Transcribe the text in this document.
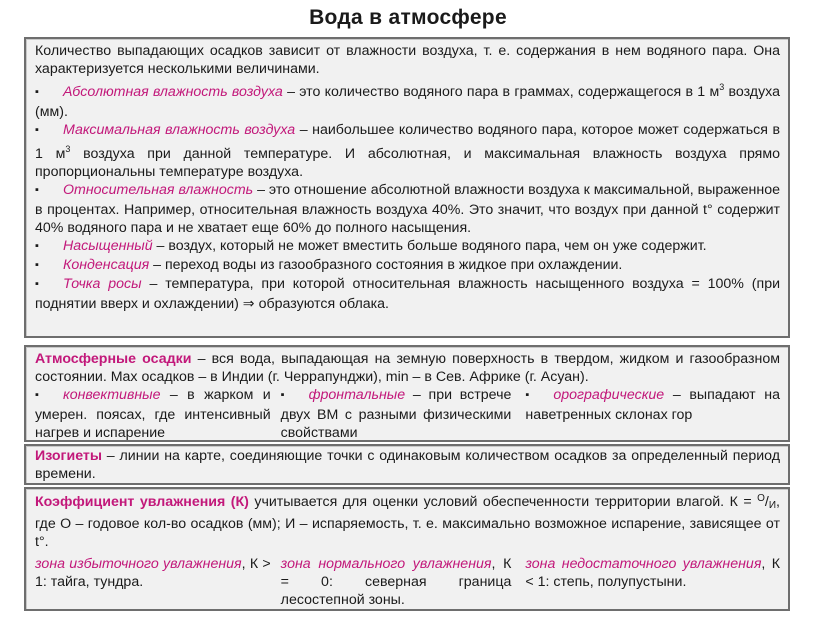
Вода в атмосфере

Количество выпадающих осадков зависит от влажности воздуха, т. е. содержания в нем водяного пара. Она характеризуется несколькими величинами.

▪Абсолютная влажность воздуха – это количество водяного пара в граммах, содержащегося в 1 $м^3$ воздуха (мм).

▪Максимальная влажность воздуха – наибольшее количество водяного пара, которое может содержаться в 1 $м^3$ воздуха при данной температуре. И абсолютная, и максимальная влажность воздуха прямо пропорциональны температуре воздуха.

▪Относительная влажность – это отношение абсолютной влажности воздуха к максимальной, выраженное в процентах. Например, относительная влажность воздуха 40%. Это значит, что воздух при данной t° содержит 40% водяного пара и не хватает еще 60% до полного насыщения.

▪Насыщенный – воздух, который не может вместить больше водяного пара, чем он уже содержит.

▪Конденсация – переход воды из газообразного состояния в жидкое при охлаждении.

▪Точка росы – температура, при которой относительная влажность насыщенного воздуха = 100% (при поднятии вверх и охлаждении) ⇒ образуются облака.

Атмосферные осадки – вся вода, выпадающая на земную поверхность в твердом, жидком и газообразном состоянии. Max осадков – в Индии (г. Черрапунджи), min – в Сев. Африке (г. Асуан).

▪конвективные – в жарком и умерен. поясах, где интенсивный нагрев и испарение

▪фронтальные – при встрече двух ВМ с разными физическими свойствами

▪орографические – выпадают на наветренных склонах гор

Изогиеты – линии на карте, соединяющие точки с одинаковым количеством осадков за определенный период времени.

Коэффициент увлажнения (К) учитывается для оценки условий обеспеченности территории влагой. К = $^О$/И, где О – годовое кол-во осадков (мм); И – испаряемость, т. е. максимально возможное испарение, зависящее от t°.

зона избыточного увлажнения, К > 1: тайга, тундра.

зона нормального увлажнения, К = 0: северная граница лесостепной зоны.

зона недостаточного увлажнения, К < 1: степь, полупустыни.
